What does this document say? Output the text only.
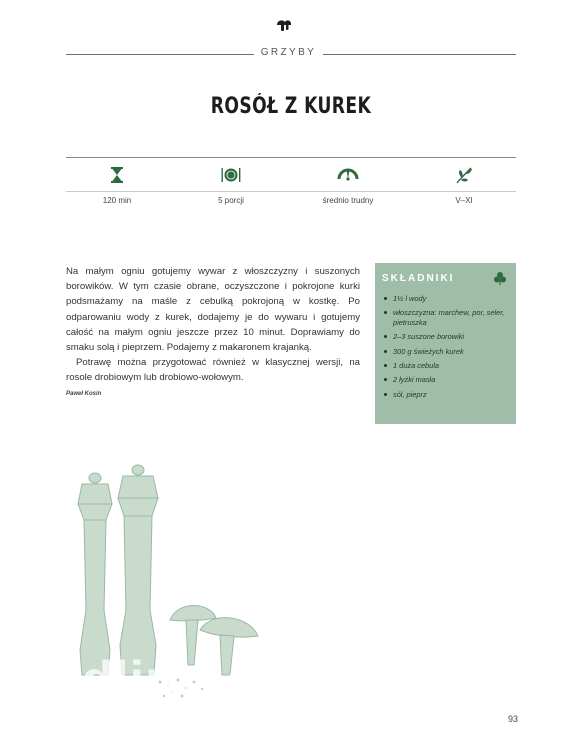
GRZYBY
ROSÓŁ Z KUREK
120 min	5 porcji	średnio trudny	V–XI

Na małym ogniu gotujemy wywar z włoszczyzny i suszonych borowików. W tym czasie obrane, oczyszczone i pokrojone kurki podsmażamy na maśle z cebulką pokrojoną w kostkę. Po odparowaniu wody z kurek, dodajemy je do wywaru i gotujemy całość na małym ogniu jeszcze przez 10 minut. Doprawiamy do smaku solą i pieprzem. Podajemy z makaronem krajanką.

Potrawę można przygotować również w klasycznej wersji, na rosole drobiowym lub drobiowo-wołowym.

Paweł Kosin
SKŁADNIKI
1½ l wody
włoszczyzna: marchew, por, seler, pietruszka
2–3 suszone borowiki
300 g świeżych kurek
1 duża cebula
2 łyżki masła
sól, pieprz
wedliny-domowe.pl
93
